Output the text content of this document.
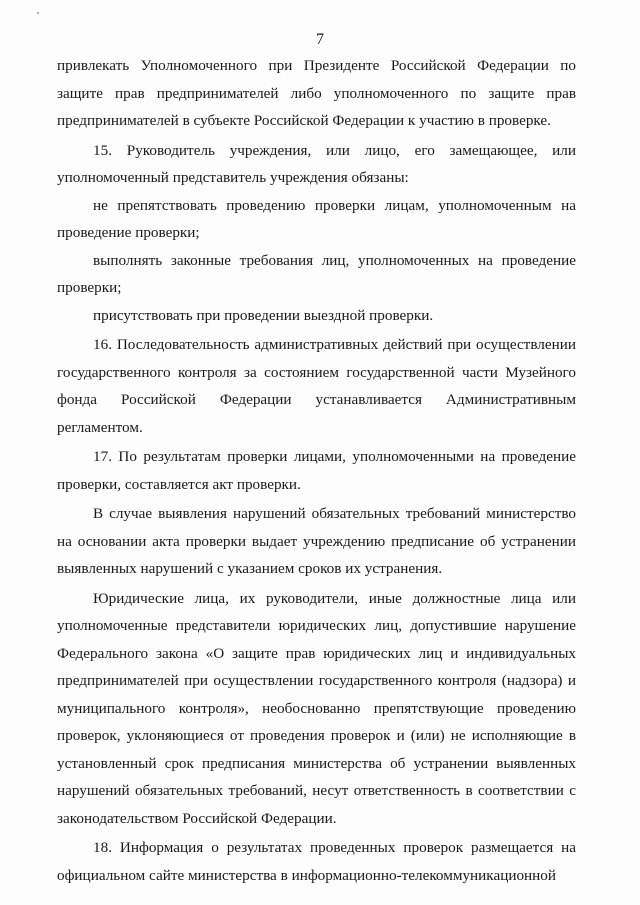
7

привлекать Уполномоченного при Президенте Российской Федерации по защите прав предпринимателей либо уполномоченного по защите прав предпринимателей в субъекте Российской Федерации к участию в проверке.

15. Руководитель учреждения, или лицо, его замещающее, или уполномоченный представитель учреждения обязаны:

не препятствовать проведению проверки лицам, уполномоченным на проведение проверки;

выполнять законные требования лиц, уполномоченных на проведение проверки;

присутствовать при проведении выездной проверки.

16. Последовательность административных действий при осуществлении государственного контроля за состоянием государственной части Музейного фонда Российской Федерации устанавливается Административным регламентом.

17. По результатам проверки лицами, уполномоченными на проведение проверки, составляется акт проверки.

В случае выявления нарушений обязательных требований министерство на основании акта проверки выдает учреждению предписание об устранении выявленных нарушений с указанием сроков их устранения.

Юридические лица, их руководители, иные должностные лица или уполномоченные представители юридических лиц, допустившие нарушение Федерального закона «О защите прав юридических лиц и индивидуальных предпринимателей при осуществлении государственного контроля (надзора) и муниципального контроля», необоснованно препятствующие проведению проверок, уклоняющиеся от проведения проверок и (или) не исполняющие в установленный срок предписания министерства об устранении выявленных нарушений обязательных требований, несут ответственность в соответствии с законодательством Российской Федерации.

18. Информация о результатах проведенных проверок размещается на официальном сайте министерства в информационно-телекоммуникационной
